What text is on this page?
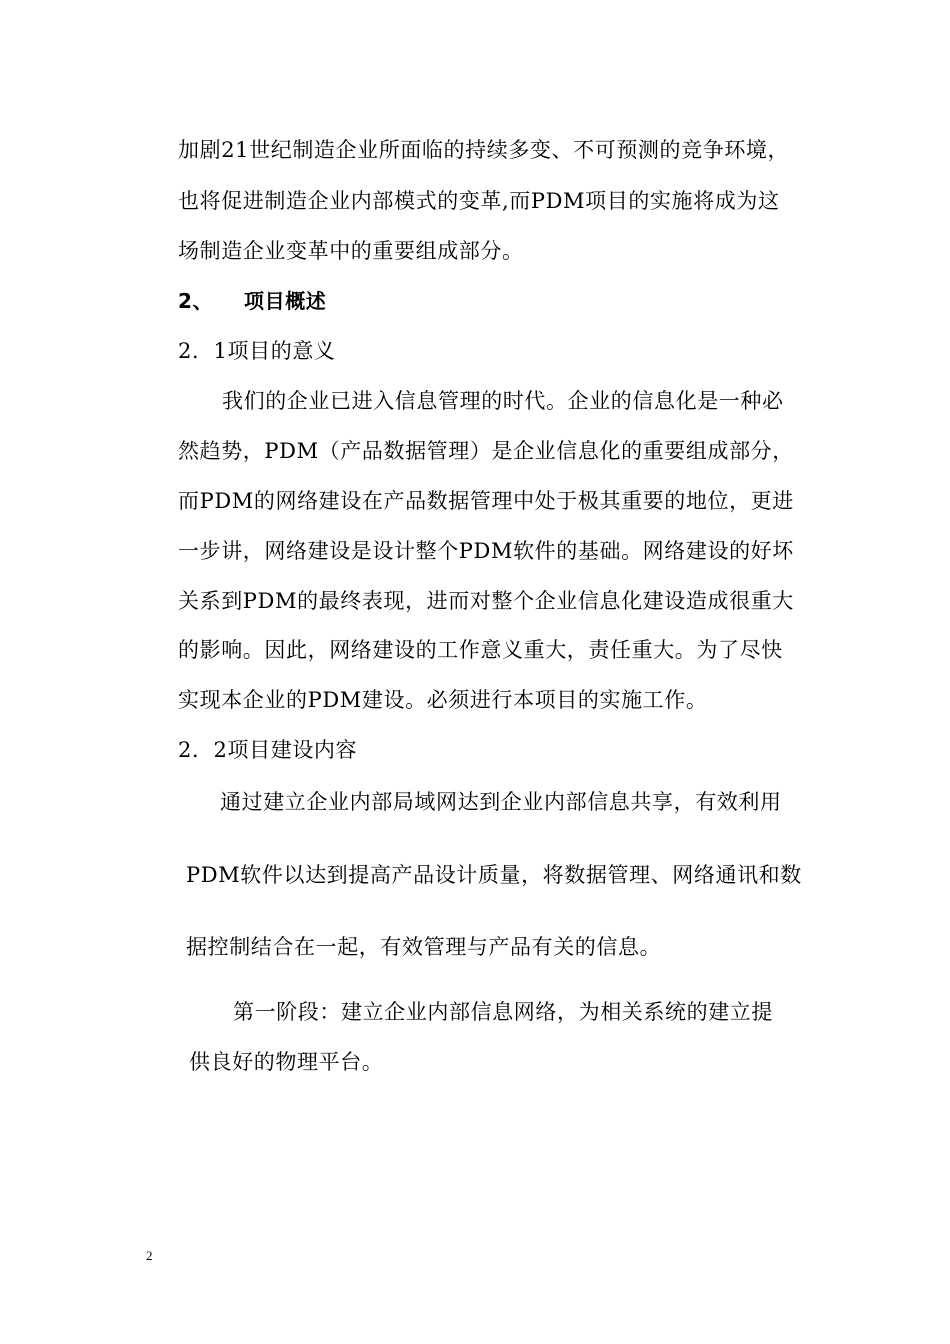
加剧21世纪制造企业所面临的持续多变、不可预测的竞争环境，
也将促进制造企业内部模式的变革,而PDM项目的实施将成为这
场制造企业变革中的重要组成部分。
2、 项目概述
2．1项目的意义
我们的企业已进入信息管理的时代。企业的信息化是一种必
然趋势，PDM（产品数据管理）是企业信息化的重要组成部分，
而PDM的网络建设在产品数据管理中处于极其重要的地位，更进
一步讲，网络建设是设计整个PDM软件的基础。网络建设的好坏
关系到PDM的最终表现，进而对整个企业信息化建设造成很重大
的影响。因此，网络建设的工作意义重大，责任重大。为了尽快
实现本企业的PDM建设。必须进行本项目的实施工作。
2．2项目建设内容
通过建立企业内部局域网达到企业内部信息共享，有效利用
PDM软件以达到提高产品设计质量，将数据管理、网络通讯和数
据控制结合在一起，有效管理与产品有关的信息。
第一阶段：建立企业内部信息网络，为相关系统的建立提
供良好的物理平台。
2
